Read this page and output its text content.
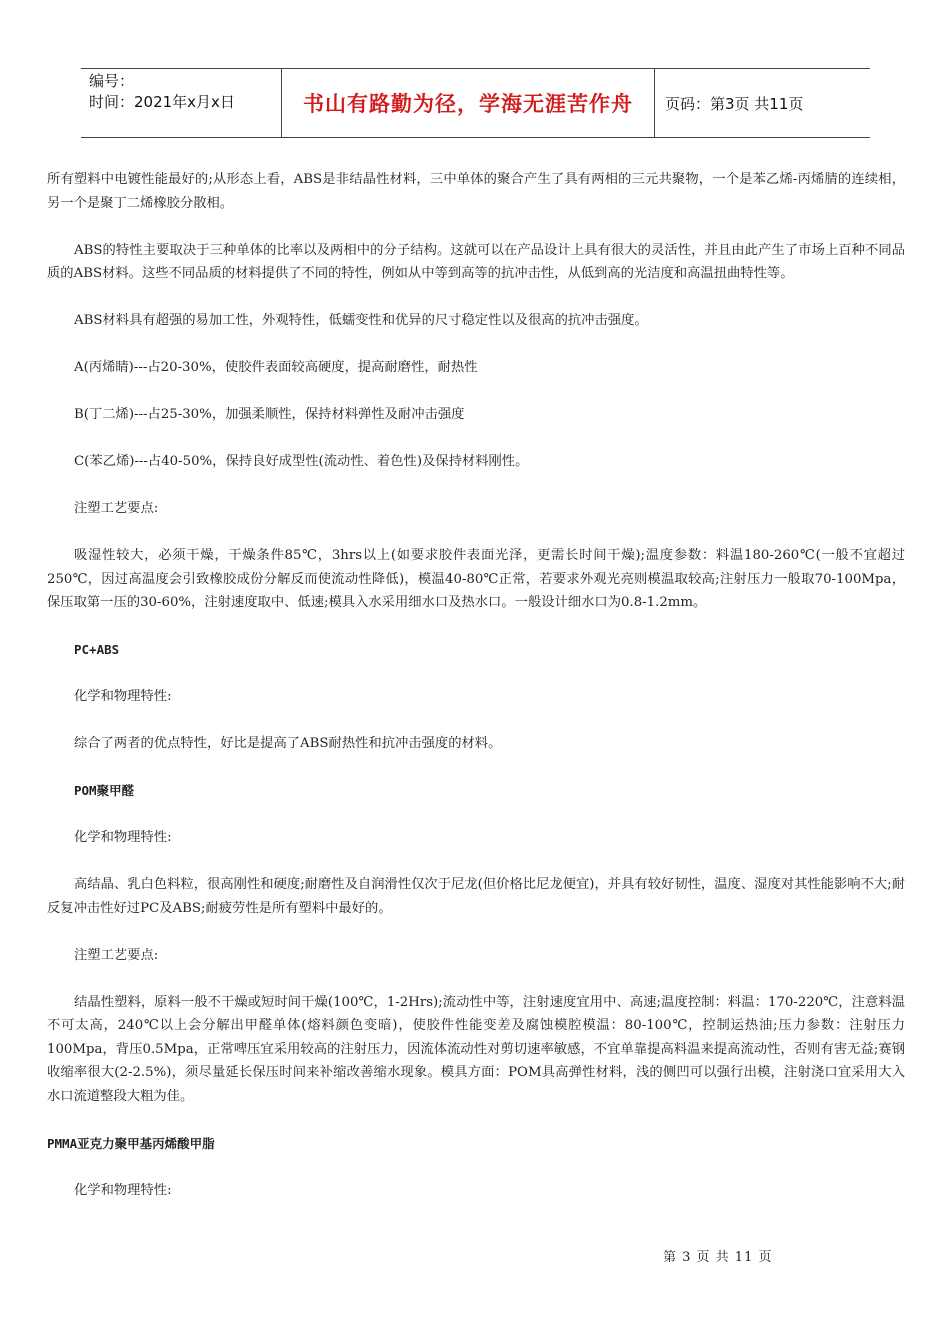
编号：
时间：2021年x月x日	书山有路勤为径，学海无涯苦作舟	页码：第3页 共11页

所有塑料中电镀性能最好的;从形态上看，ABS是非结晶性材料，三中单体的聚合产生了具有两相的三元共聚物，一个是苯乙烯-丙烯腈的连续相，另一个是聚丁二烯橡胶分散相。

ABS的特性主要取决于三种单体的比率以及两相中的分子结构。这就可以在产品设计上具有很大的灵活性，并且由此产生了市场上百种不同品质的ABS材料。这些不同品质的材料提供了不同的特性，例如从中等到高等的抗冲击性，从低到高的光洁度和高温扭曲特性等。

ABS材料具有超强的易加工性，外观特性，低蠕变性和优异的尺寸稳定性以及很高的抗冲击强度。

A(丙烯睛)---占20-30%，使胶件表面较高硬度，提高耐磨性，耐热性

B(丁二烯)---占25-30%，加强柔顺性，保持材料弹性及耐冲击强度

C(苯乙烯)---占40-50%，保持良好成型性(流动性、着色性)及保持材料刚性。

注塑工艺要点:

吸湿性较大，必须干燥，干燥条件85℃，3hrs以上(如要求胶件表面光泽，更需长时间干燥);温度参数：料温180-260℃(一般不宜超过250℃，因过高温度会引致橡胶成份分解反而使流动性降低)，模温40-80℃正常，若要求外观光亮则模温取较高;注射压力一般取70-100Mpa，保压取第一压的30-60%，注射速度取中、低速;模具入水采用细水口及热水口。一般设计细水口为0.8-1.2mm。

PC+ABS

化学和物理特性:

综合了两者的优点特性，好比是提高了ABS耐热性和抗冲击强度的材料。

POM聚甲醛

化学和物理特性:

高结晶、乳白色料粒，很高刚性和硬度;耐磨性及自润滑性仅次于尼龙(但价格比尼龙便宜)，并具有较好韧性，温度、湿度对其性能影响不大;耐反复冲击性好过PC及ABS;耐疲劳性是所有塑料中最好的。

注塑工艺要点:

结晶性塑料，原料一般不干燥或短时间干燥(100℃，1-2Hrs);流动性中等，注射速度宜用中、高速;温度控制：料温：170-220℃，注意料温不可太高，240℃以上会分解出甲醛单体(熔料颜色变暗)，使胶件性能变差及腐蚀模腔模温：80-100℃，控制运热油;压力参数：注射压力100Mpa，背压0.5Mpa，正常啤压宜采用较高的注射压力，因流体流动性对剪切速率敏感，不宜单靠提高料温来提高流动性，否则有害无益;赛钢收缩率很大(2-2.5%)，须尽量延长保压时间来补缩改善缩水现象。模具方面：POM具高弹性材料，浅的侧凹可以强行出模，注射浇口宜采用大入水口流道整段大粗为佳。

PMMA亚克力聚甲基丙烯酸甲脂

化学和物理特性:

第 3 页 共 11 页
